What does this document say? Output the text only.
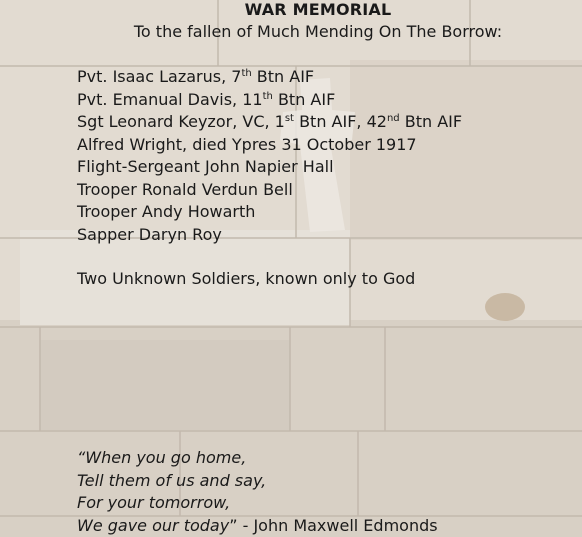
WAR MEMORIAL
To the fallen of Much Mending On The Borrow:
Pvt. Isaac Lazarus, 7th Btn AIF
Pvt. Emanual Davis, 11th Btn AIF
Sgt Leonard Keyzor, VC, 1st Btn AIF, 42nd Btn AIF
Alfred Wright, died Ypres 31 October 1917
Flight-Sergeant John Napier Hall
Trooper Ronald Verdun Bell
Trooper Andy Howarth
Sapper Daryn Roy
Two Unknown Soldiers, known only to God
“When you go home,
Tell them of us and say,
For your tomorrow,
We gave our today” - John Maxwell Edmonds
